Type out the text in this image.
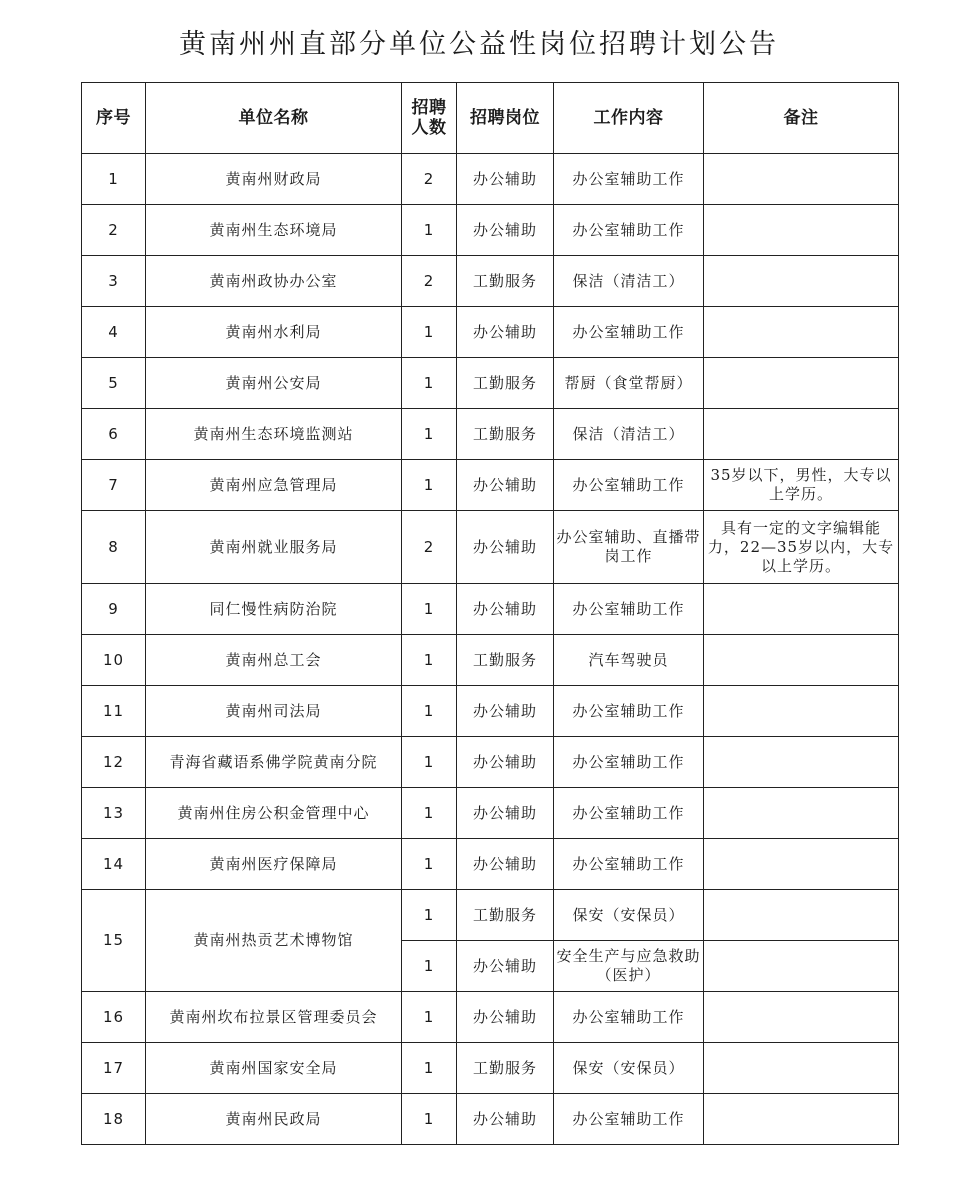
黄南州州直部分单位公益性岗位招聘计划公告
序号	单位名称	招聘人数	招聘岗位	工作内容	备注
1	黄南州财政局	2	办公辅助	办公室辅助工作	
2	黄南州生态环境局	1	办公辅助	办公室辅助工作	
3	黄南州政协办公室	2	工勤服务	保洁（清洁工）	
4	黄南州水利局	1	办公辅助	办公室辅助工作	
5	黄南州公安局	1	工勤服务	帮厨（食堂帮厨）	
6	黄南州生态环境监测站	1	工勤服务	保洁（清洁工）	
7	黄南州应急管理局	1	办公辅助	办公室辅助工作	35岁以下，男性，大专以上学历。
8	黄南州就业服务局	2	办公辅助	办公室辅助、直播带岗工作	具有一定的文字编辑能力，22—35岁以内，大专以上学历。
9	同仁慢性病防治院	1	办公辅助	办公室辅助工作	
10	黄南州总工会	1	工勤服务	汽车驾驶员	
11	黄南州司法局	1	办公辅助	办公室辅助工作	
12	青海省藏语系佛学院黄南分院	1	办公辅助	办公室辅助工作	
13	黄南州住房公积金管理中心	1	办公辅助	办公室辅助工作	
14	黄南州医疗保障局	1	办公辅助	办公室辅助工作	
15	黄南州热贡艺术博物馆	1	工勤服务	保安（安保员）	
		1	办公辅助	安全生产与应急救助（医护）	
16	黄南州坎布拉景区管理委员会	1	办公辅助	办公室辅助工作	
17	黄南州国家安全局	1	工勤服务	保安（安保员）	
18	黄南州民政局	1	办公辅助	办公室辅助工作	
